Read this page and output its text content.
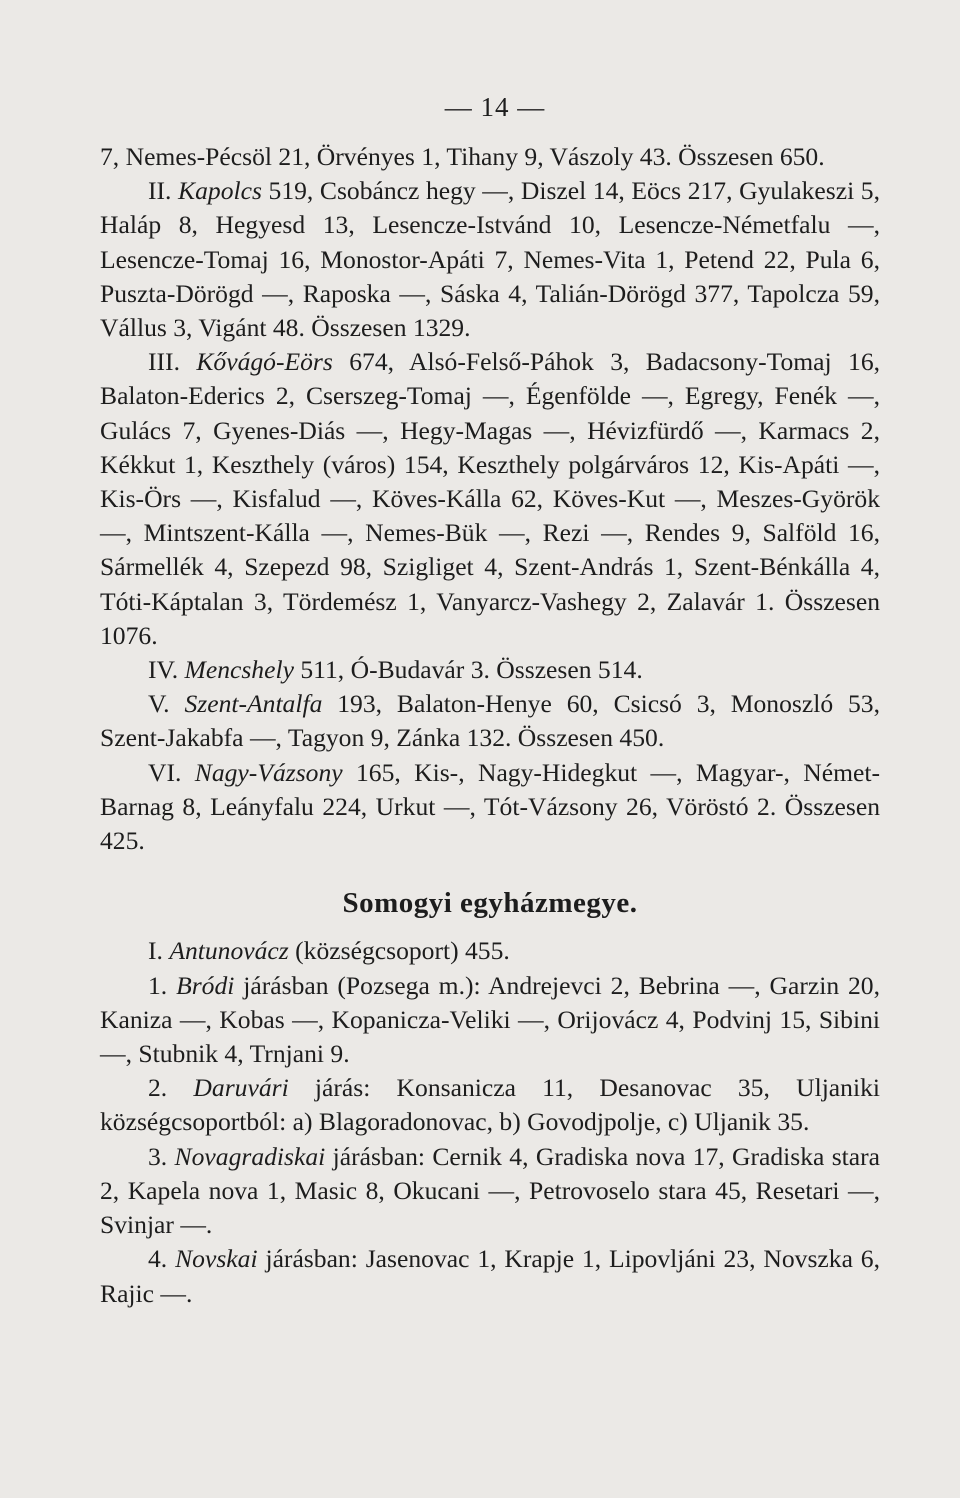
— 14 —

7, Nemes-Pécsöl 21, Örvényes 1, Tihany 9, Vászoly 43. Összesen 650.

II. Kapolcs 519, Csobáncz hegy —, Diszel 14, Eöcs 217, Gyulakeszi 5, Haláp 8, Hegyesd 13, Lesencze-Istvánd 10, Lesencze-Németfalu —, Lesencze-Tomaj 16, Monostor-Apáti 7, Nemes-Vita 1, Petend 22, Pula 6, Puszta-Dörögd —, Raposka —, Sáska 4, Talián-Dörögd 377, Tapolcza 59, Vállus 3, Vigánt 48. Összesen 1329.

III. Kővágó-Eörs 674, Alsó-Felső-Páhok 3, Badacsony-Tomaj 16, Balaton-Ederics 2, Cserszeg-Tomaj —, Égenfölde —, Egregy, Fenék —, Gulács 7, Gyenes-Diás —, Hegy-Magas —, Hévizfürdő —, Karmacs 2, Kékkut 1, Keszthely (város) 154, Keszthely polgárváros 12, Kis-Apáti —, Kis-Örs —, Kisfalud —, Köves-Kálla 62, Köves-Kut —, Meszes-Györök —, Mintszent-Kálla —, Nemes-Bük —, Rezi —, Rendes 9, Salföld 16, Sármellék 4, Szepezd 98, Szigliget 4, Szent-András 1, Szent-Bénkálla 4, Tóti-Káptalan 3, Tördemész 1, Vanyarcz-Vashegy 2, Zalavár 1. Összesen 1076.

IV. Mencshely 511, Ó-Budavár 3. Összesen 514.

V. Szent-Antalfa 193, Balaton-Henye 60, Csicsó 3, Monoszló 53, Szent-Jakabfa —, Tagyon 9, Zánka 132. Összesen 450.

VI. Nagy-Vázsony 165, Kis-, Nagy-Hidegkut —, Magyar-, Német-Barnag 8, Leányfalu 224, Urkut —, Tót-Vázsony 26, Vöröstó 2. Összesen 425.

Somogyi egyházmegye.

I. Antunovácz (községcsoport) 455.

1. Bródi járásban (Pozsega m.): Andrejevci 2, Bebrina —, Garzin 20, Kaniza —, Kobas —, Kopanicza-Veliki —, Orijovácz 4, Podvinj 15, Sibini —, Stubnik 4, Trnjani 9.

2. Daruvári járás: Konsanicza 11, Desanovac 35, Uljaniki községcsoportból: a) Blagoradonovac, b) Govodjpolje, c) Uljanik 35.

3. Novagradiskai járásban: Cernik 4, Gradiska nova 17, Gradiska stara 2, Kapela nova 1, Masic 8, Okucani —, Petrovoselo stara 45, Resetari —, Svinjar —.

4. Novskai járásban: Jasenovac 1, Krapje 1, Lipovljáni 23, Novszka 6, Rajic —.
